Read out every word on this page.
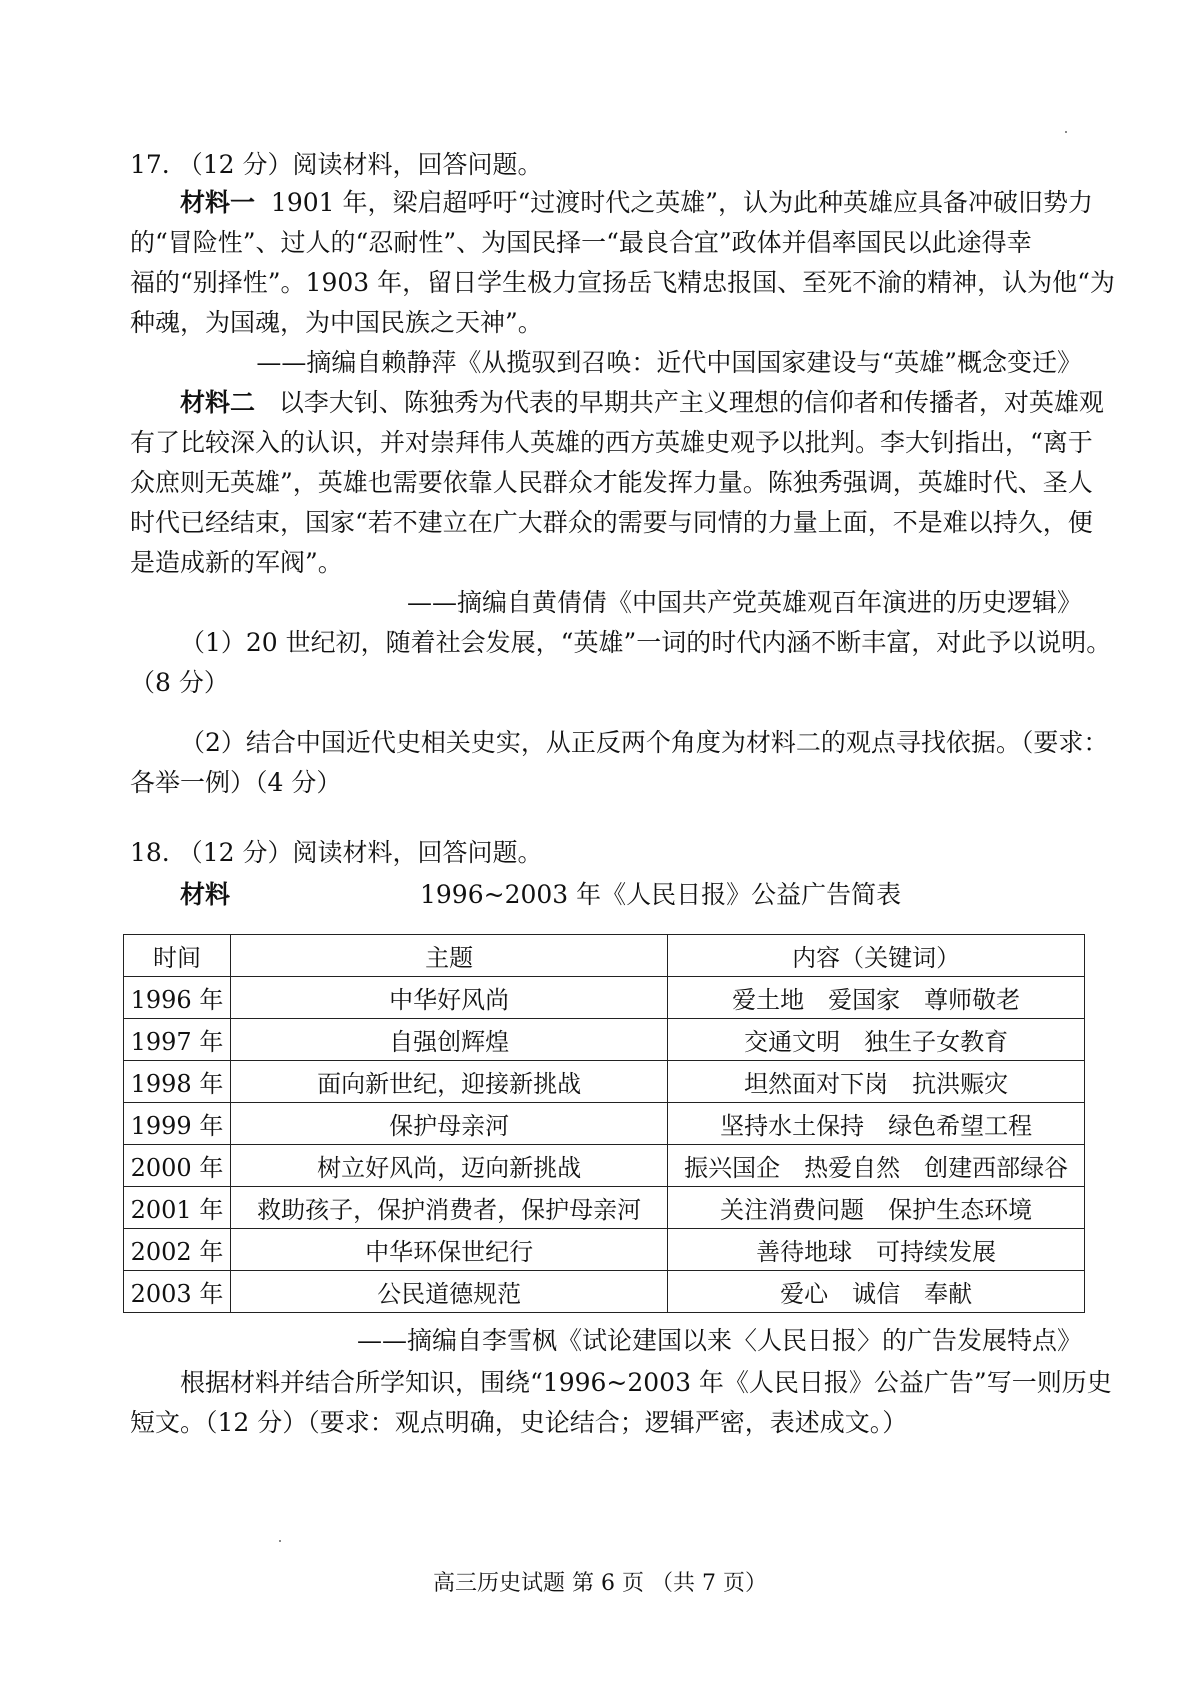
17. （12 分）阅读材料，回答问题。
材料一 1901 年，梁启超呼吁“过渡时代之英雄”，认为此种英雄应具备冲破旧势力
的“冒险性”、过人的“忍耐性”、为国民择一“最良合宜”政体并倡率国民以此途得幸
福的“别择性”。1903 年，留日学生极力宣扬岳飞精忠报国、至死不渝的精神，认为他“为
种魂，为国魂，为中国民族之天神”。
——摘编自赖静萍《从揽驭到召唤：近代中国国家建设与“英雄”概念变迁》
材料二 以李大钊、陈独秀为代表的早期共产主义理想的信仰者和传播者，对英雄观
有了比较深入的认识，并对崇拜伟人英雄的西方英雄史观予以批判。李大钊指出，“离于
众庶则无英雄”，英雄也需要依靠人民群众才能发挥力量。陈独秀强调，英雄时代、圣人
时代已经结束，国家“若不建立在广大群众的需要与同情的力量上面，不是难以持久，便
是造成新的军阀”。
——摘编自黄倩倩《中国共产党英雄观百年演进的历史逻辑》
（1）20 世纪初，随着社会发展，“英雄”一词的时代内涵不断丰富，对此予以说明。
（8 分）
（2）结合中国近代史相关史实，从正反两个角度为材料二的观点寻找依据。（要求：
各举一例）（4 分）
18. （12 分）阅读材料，回答问题。
材料	1996~2003 年《人民日报》公益广告简表
时间	主题	内容（关键词）
1996 年	中华好风尚	爱土地　爱国家　尊师敬老
1997 年	自强创辉煌	交通文明　独生子女教育
1998 年	面向新世纪，迎接新挑战	坦然面对下岗　抗洪赈灾
1999 年	保护母亲河	坚持水土保持　绿色希望工程
2000 年	树立好风尚，迈向新挑战	振兴国企　热爱自然　创建西部绿谷
2001 年	救助孩子，保护消费者，保护母亲河	关注消费问题　保护生态环境
2002 年	中华环保世纪行	善待地球　可持续发展
2003 年	公民道德规范	爱心　诚信　奉献
——摘编自李雪枫《试论建国以来〈人民日报〉的广告发展特点》
根据材料并结合所学知识，围绕“1996~2003 年《人民日报》公益广告”写一则历史
短文。（12 分）（要求：观点明确，史论结合；逻辑严密，表述成文。）
高三历史试题 第 6 页 （共 7 页）
